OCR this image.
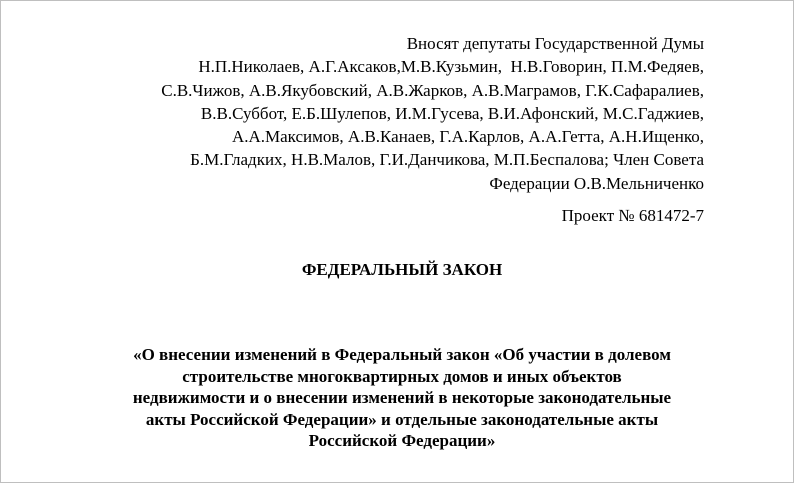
Вносят депутаты Государственной Думы
Н.П.Николаев, А.Г.Аксаков,М.В.Кузьмин,  Н.В.Говорин, П.М.Федяев,
С.В.Чижов, А.В.Якубовский, А.В.Жарков, А.В.Маграмов, Г.К.Сафаралиев,
В.В.Суббот, Е.Б.Шулепов, И.М.Гусева, В.И.Афонский, М.С.Гаджиев,
А.А.Максимов, А.В.Канаев, Г.А.Карлов, А.А.Гетта, А.Н.Ищенко,
Б.М.Гладких, Н.В.Малов, Г.И.Данчикова, М.П.Беспалова; Член Совета
Федерации О.В.Мельниченко
Проект № 681472-7
ФЕДЕРАЛЬНЫЙ ЗАКОН
«О внесении изменений в Федеральный закон «Об участии в долевом
строительстве многоквартирных домов и иных объектов
недвижимости и о внесении изменений в некоторые законодательные
акты Российской Федерации» и отдельные законодательные акты
Российской Федерации»
